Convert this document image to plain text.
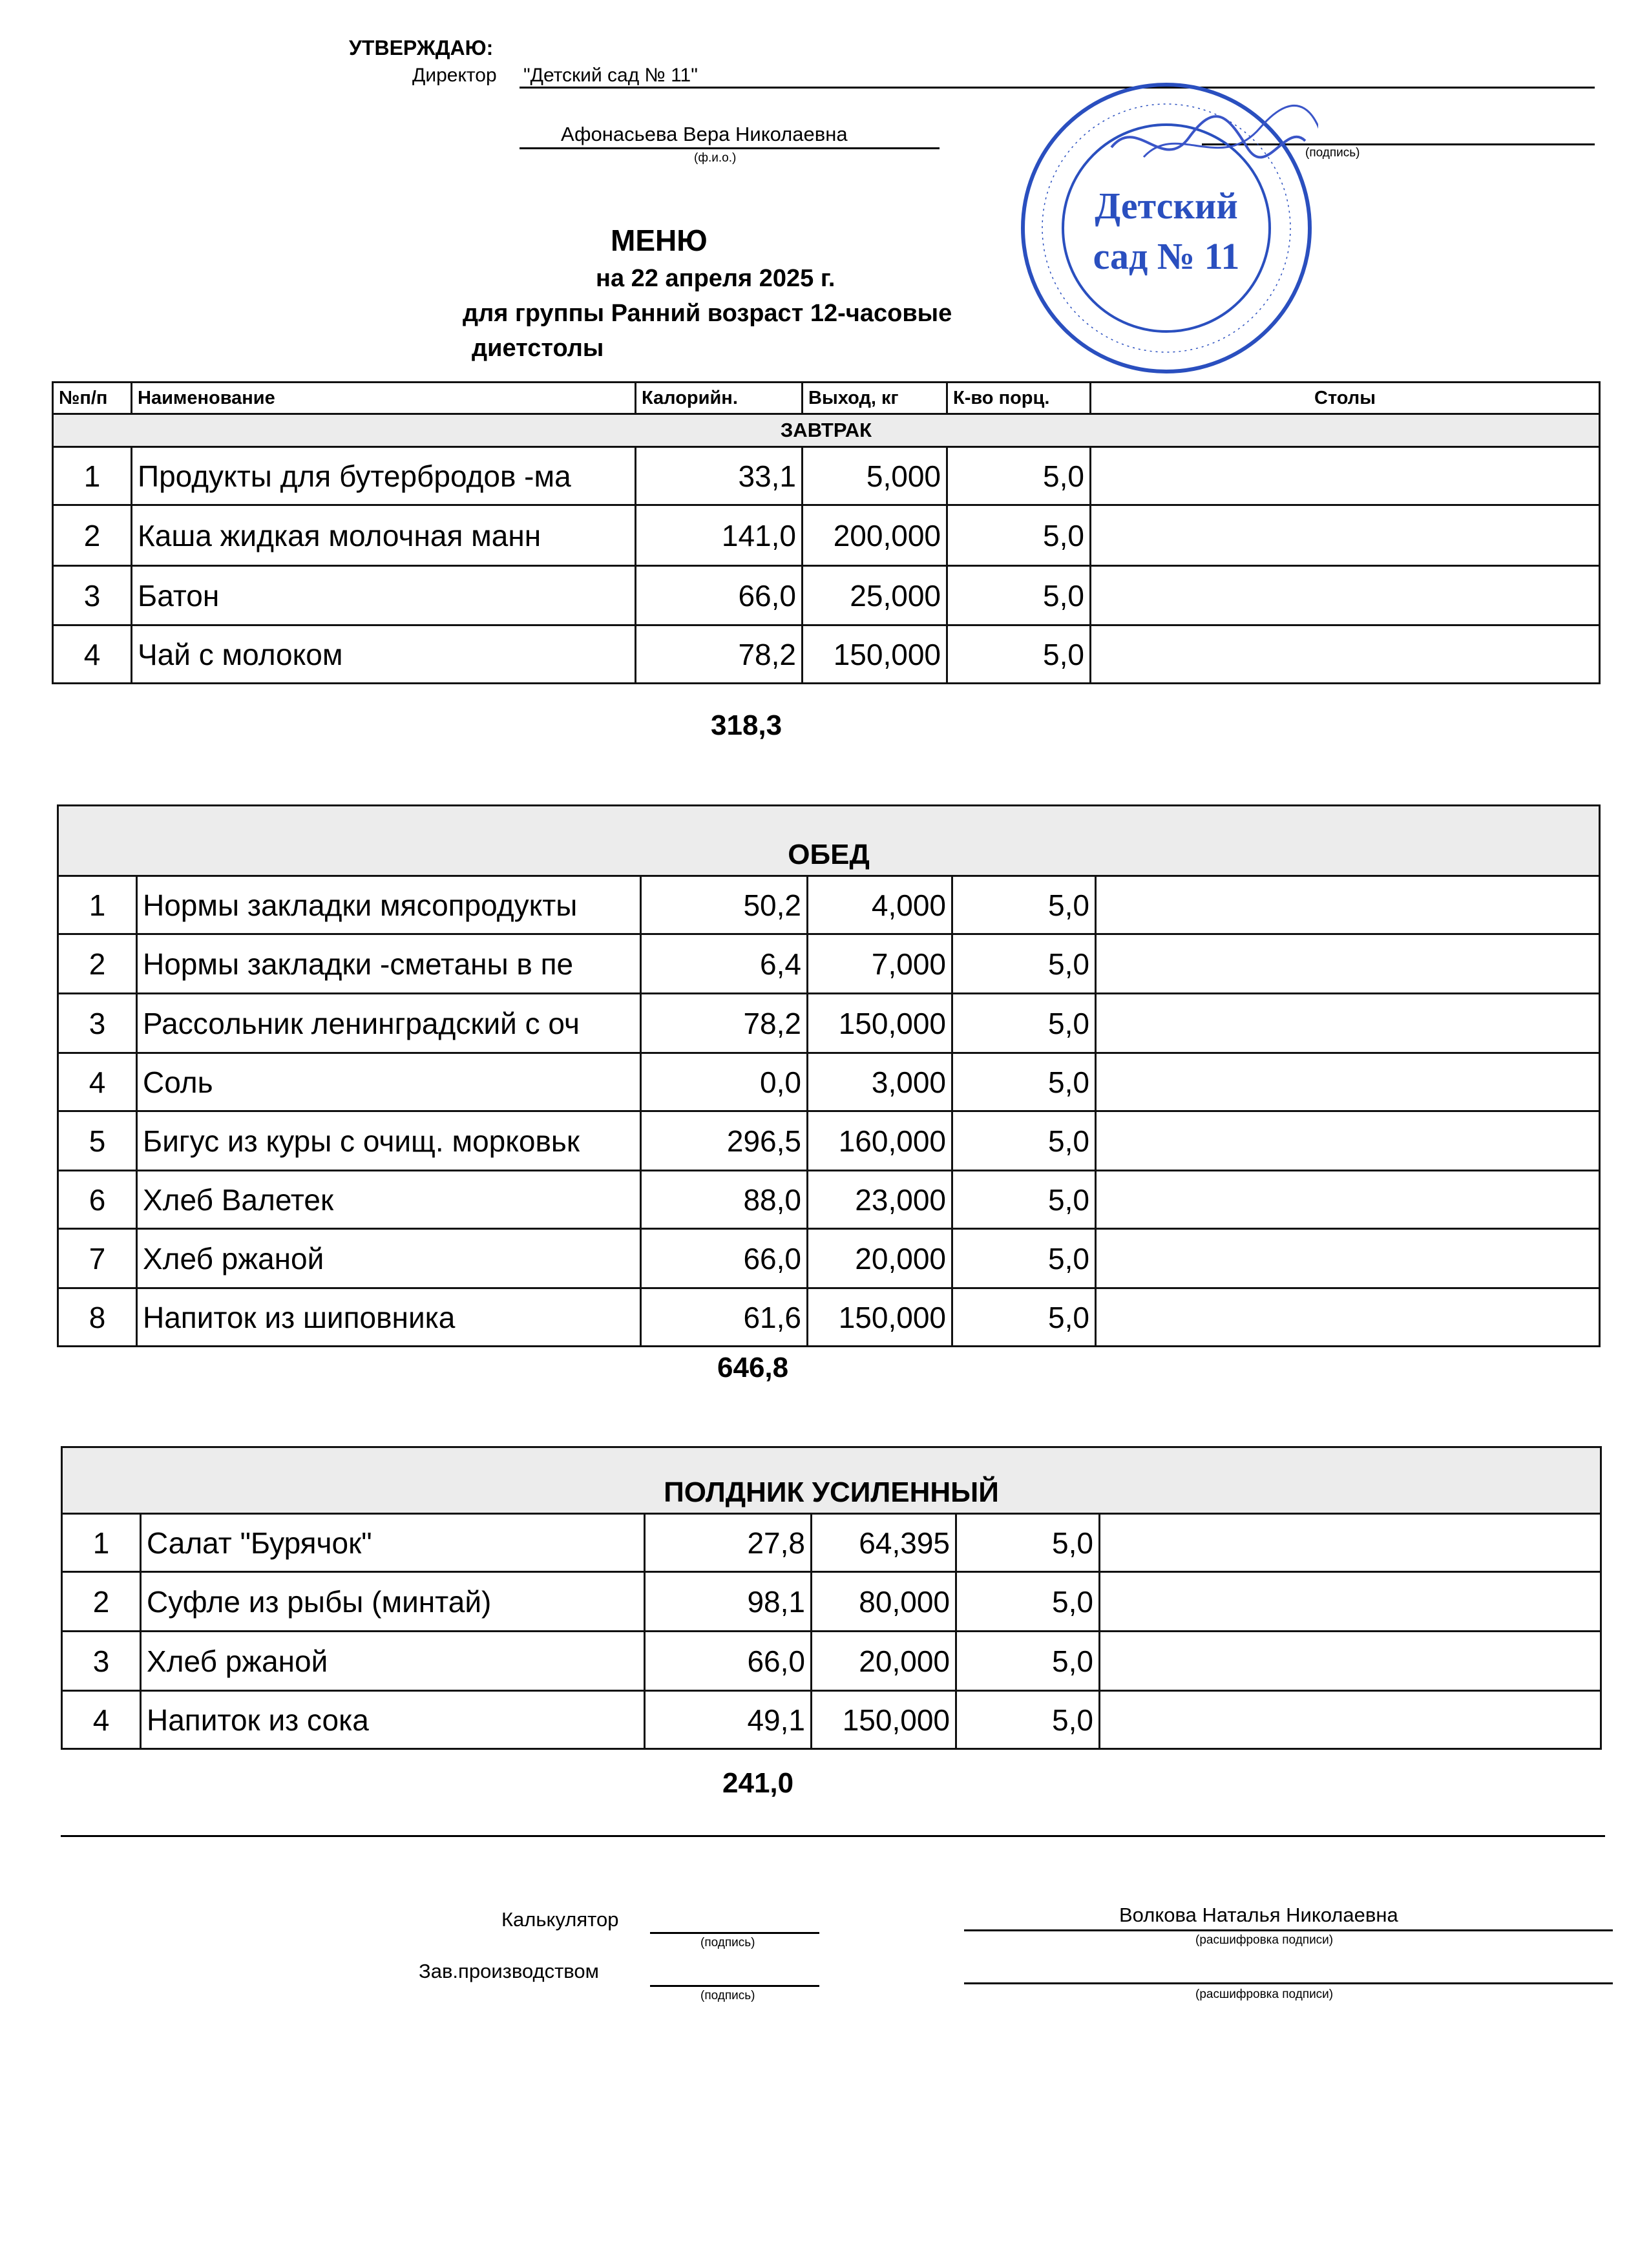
УТВЕРЖДАЮ:
Директор "Детский сад № 11"
Афонасьева Вера Николаевна
(ф.и.о.)	(подпись)
Детский
сад № 11
МЕНЮ
на 22 апреля 2025 г.
для группы Ранний возраст 12-часовые
диетстолы
№п/п	Наименование	Калорийн.	Выход, кг	К-во порц.	Столы
ЗАВТРАК					
1	Продукты для бутербродов -ма	33,1	5,000	5,0	
2	Каша жидкая молочная манн	141,0	200,000	5,0	
3	Батон	66,0	25,000	5,0	
4	Чай с молоком	78,2	150,000	5,0	
318,3
ОБЕД					
1	Нормы закладки мясопродукты	50,2	4,000	5,0	
2	Нормы закладки -сметаны в пе	6,4	7,000	5,0	
3	Рассольник ленинградский с оч	78,2	150,000	5,0	
4	Соль	0,0	3,000	5,0	
5	Бигус из куры с очищ. морковьк	296,5	160,000	5,0	
6	Хлеб Валетек	88,0	23,000	5,0	
7	Хлеб ржаной	66,0	20,000	5,0	
8	Напиток из шиповника	61,6	150,000	5,0	
646,8
ПОЛДНИК УСИЛЕННЫЙ					
1	Салат "Бурячок"	27,8	64,395	5,0	
2	Суфле из рыбы (минтай)	98,1	80,000	5,0	
3	Хлеб ржаной	66,0	20,000	5,0	
4	Напиток из сока	49,1	150,000	5,0	
241,0
Калькулятор
(подпись)
Волкова Наталья Николаевна
(расшифровка подписи)
Зав.производством
(подпись)	(расшифровка подписи)
